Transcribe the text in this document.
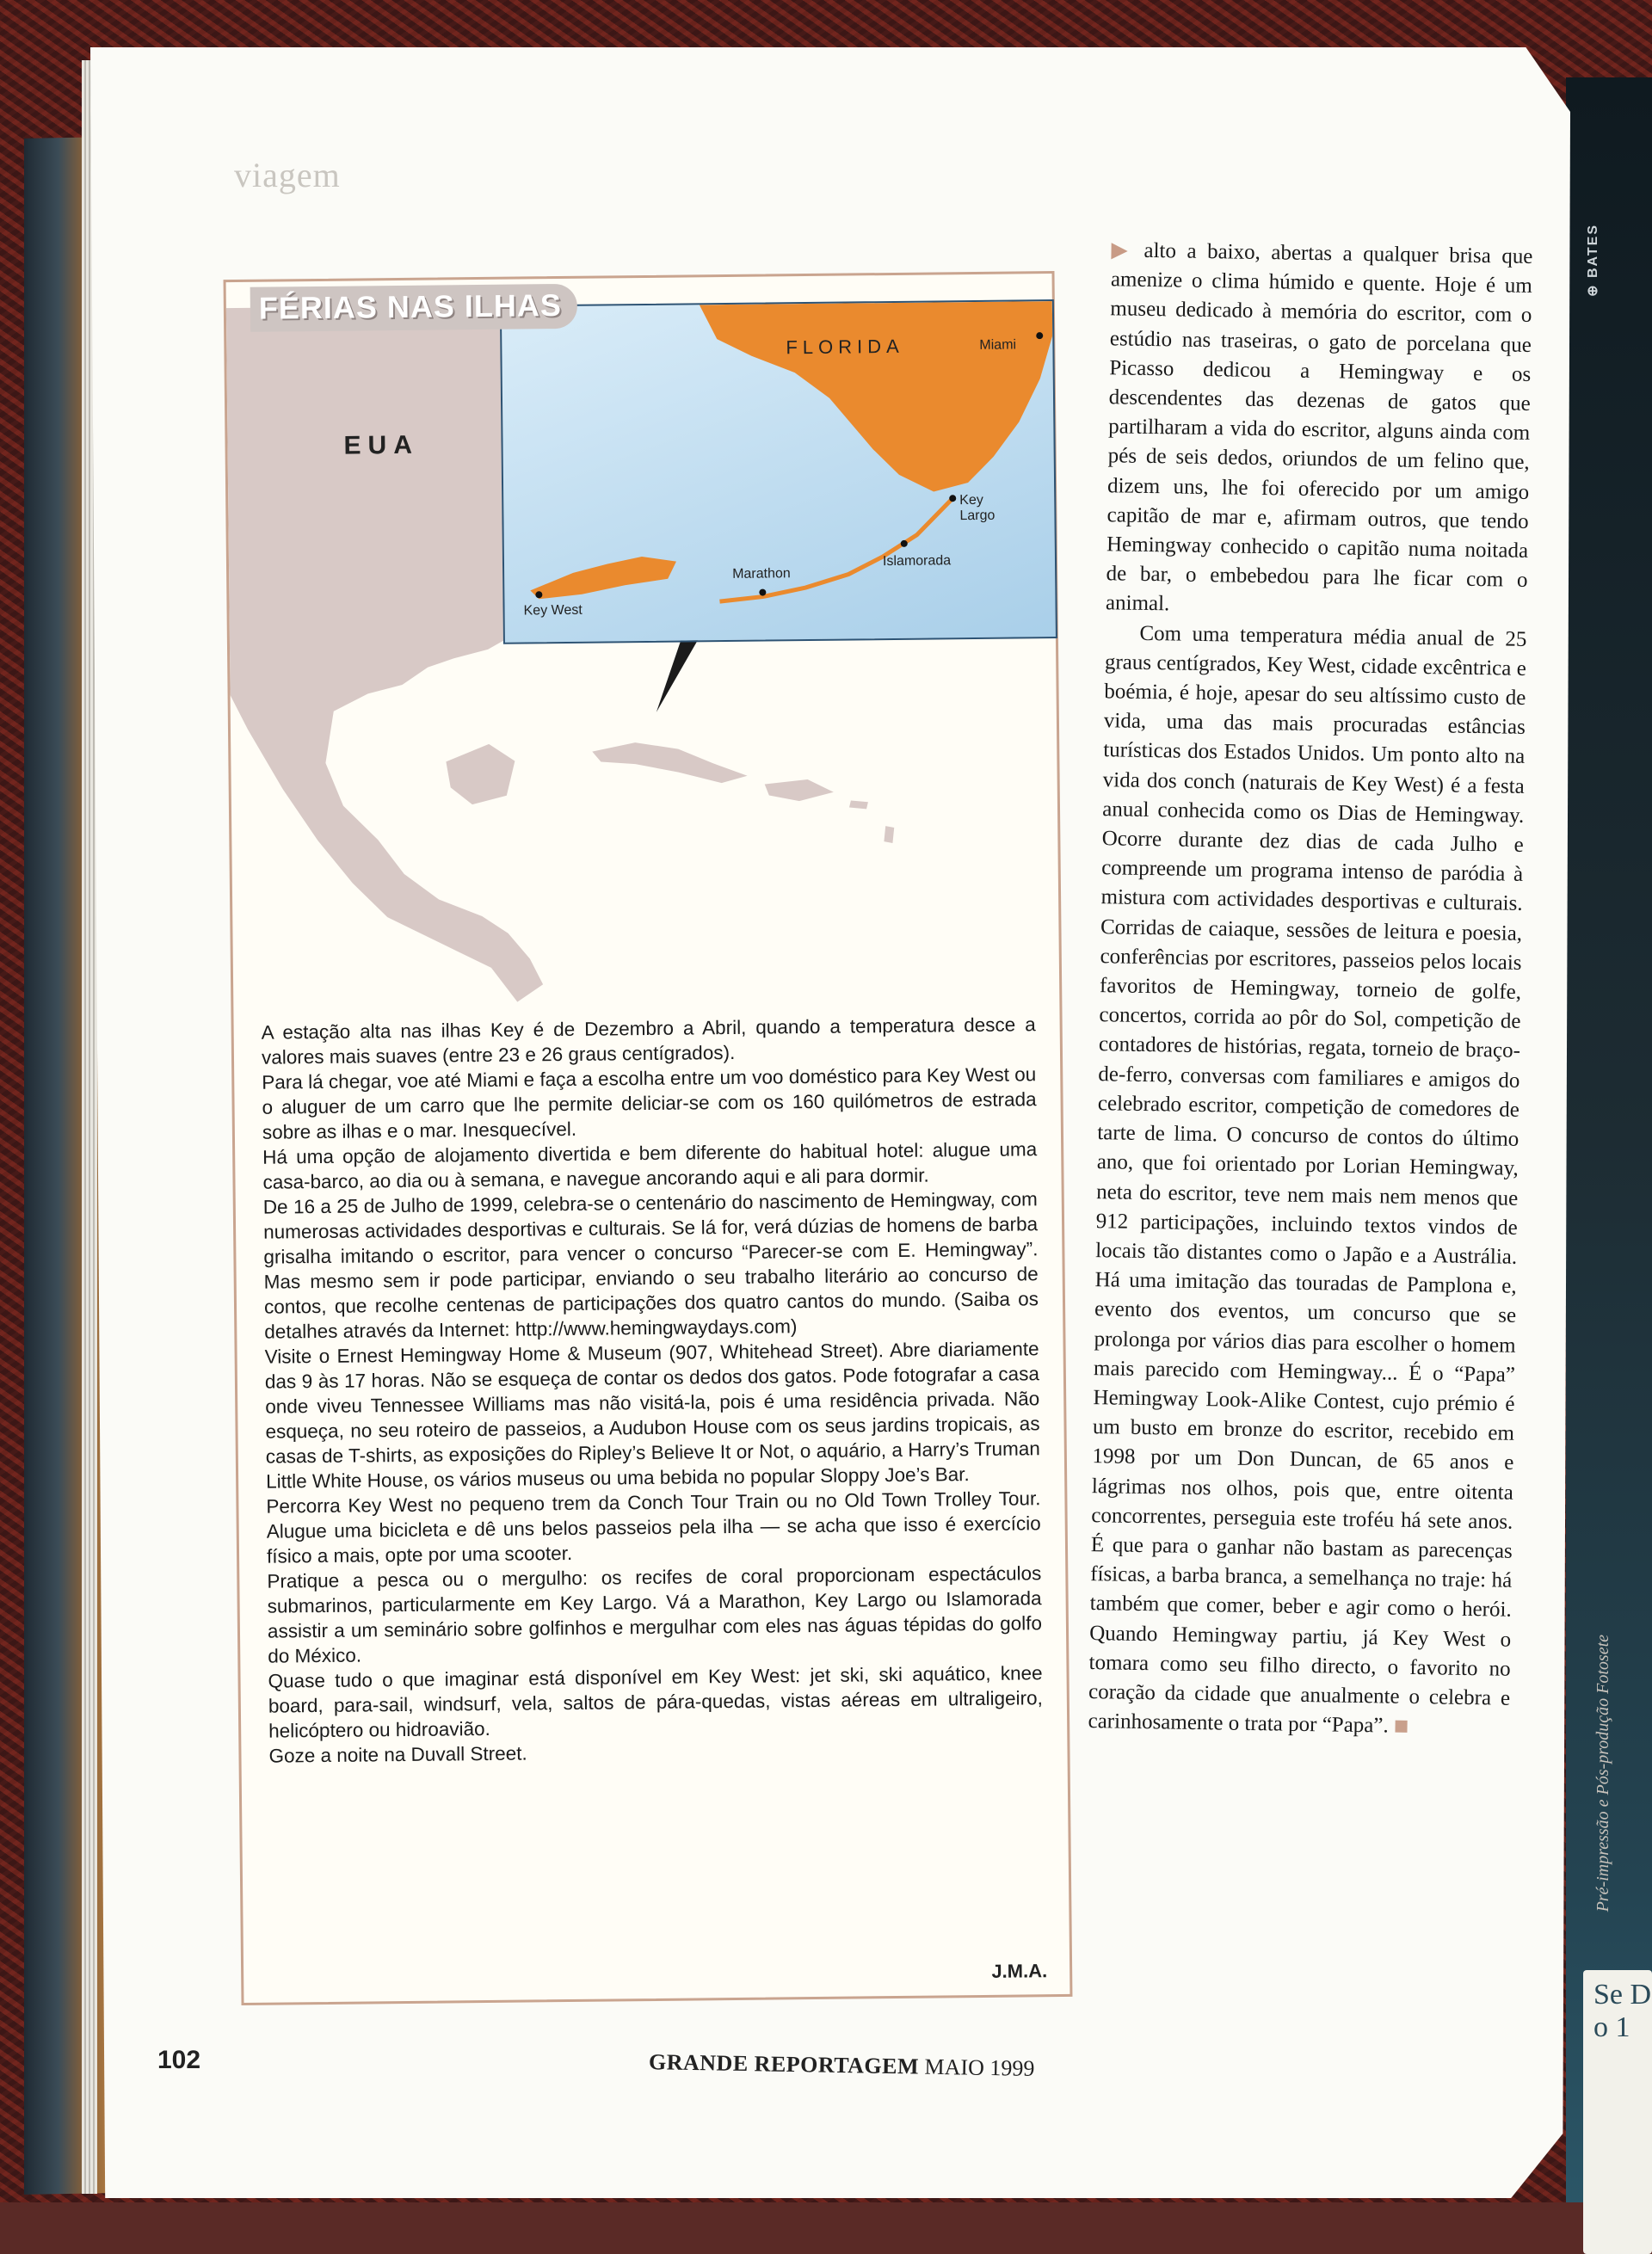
⊕ BATES
Se D o 1
viagem
FLORIDA	Miami
Key Largo
Islamorada
Marathon
Key West
FÉRIAS NAS ILHAS
EUA

A estação alta nas ilhas Key é de Dezembro a Abril, quando a temperatura desce a valores mais suaves (entre 23 e 26 graus centígrados).

Para lá chegar, voe até Miami e faça a escolha entre um voo doméstico para Key West ou o aluguer de um carro que lhe permite deliciar-se com os 160 quilómetros de estrada sobre as ilhas e o mar. Inesquecível.

Há uma opção de alojamento divertida e bem diferente do habitual hotel: alugue uma casa-barco, ao dia ou à semana, e navegue ancorando aqui e ali para dormir.

De 16 a 25 de Julho de 1999, celebra-se o centenário do nascimento de Hemingway, com numerosas actividades desportivas e culturais. Se lá for, verá dúzias de homens de barba grisalha imitando o escritor, para vencer o concurso “Parecer-se com E. Hemingway”. Mas mesmo sem ir pode participar, enviando o seu trabalho literário ao concurso de contos, que recolhe centenas de participações dos quatro cantos do mundo. (Saiba os detalhes através da Internet: http://www.hemingwaydays.com)

Visite o Ernest Hemingway Home & Museum (907, Whitehead Street). Abre diariamente das 9 às 17 horas. Não se esqueça de contar os dedos dos gatos. Pode fotografar a casa onde viveu Tennessee Williams mas não visitá-la, pois é uma residência privada. Não esqueça, no seu roteiro de passeios, a Audubon House com os seus jardins tropicais, as casas de T-shirts, as exposições do Ripley’s Believe It or Not, o aquário, a Harry’s Truman Little White House, os vários museus ou uma bebida no popular Sloppy Joe’s Bar.

Percorra Key West no pequeno trem da Conch Tour Train ou no Old Town Trolley Tour. Alugue uma bicicleta e dê uns belos passeios pela ilha — se acha que isso é exercício físico a mais, opte por uma scooter.

Pratique a pesca ou o mergulho: os recifes de coral proporcionam espectáculos submarinos, particularmente em Key Largo. Vá a Marathon, Key Largo ou Islamorada assistir a um seminário sobre golfinhos e mergulhar com eles nas águas tépidas do golfo do México.

Quase tudo o que imaginar está disponível em Key West: jet ski, ski aquático, knee board, para-sail, windsurf, vela, saltos de pára-quedas, vistas aéreas em ultraligeiro, helicóptero ou hidroavião.

Goze a noite na Duvall Street.

J.M.A.

▶ alto a baixo, abertas a qualquer brisa que amenize o clima húmido e quente. Hoje é um museu dedicado à memória do escritor, com o estúdio nas traseiras, o gato de porcelana que Picasso dedicou a Hemingway e os descendentes das dezenas de gatos que partilharam a vida do escritor, alguns ainda com pés de seis dedos, oriundos de um felino que, dizem uns, lhe foi oferecido por um amigo capitão de mar e, afirmam outros, que tendo Hemingway conhecido o capitão numa noitada de bar, o embebedou para lhe ficar com o animal.

Com uma temperatura média anual de 25 graus centígrados, Key West, cidade excêntrica e boémia, é hoje, apesar do seu altíssimo custo de vida, uma das mais procuradas estâncias turísticas dos Estados Unidos. Um ponto alto na vida dos conch (naturais de Key West) é a festa anual conhecida como os Dias de Hemingway. Ocorre durante dez dias de cada Julho e compreende um programa intenso de paródia à mistura com actividades desportivas e culturais. Corridas de caiaque, sessões de leitura e poesia, conferências por escritores, passeios pelos locais favoritos de Hemingway, torneio de golfe, concertos, corrida ao pôr do Sol, competição de contadores de histórias, regata, torneio de braço-de-ferro, conversas com familiares e amigos do celebrado escritor, competição de comedores de tarte de lima. O concurso de contos do último ano, que foi orientado por Lorian Hemingway, neta do escritor, teve nem mais nem menos que 912 participações, incluindo textos vindos de locais tão distantes como o Japão e a Austrália. Há uma imitação das touradas de Pamplona e, evento dos eventos, um concurso que se prolonga por vários dias para escolher o homem mais parecido com Hemingway... É o “Papa” Hemingway Look-Alike Contest, cujo prémio é um busto em bronze do escritor, recebido em 1998 por um Don Duncan, de 65 anos e lágrimas nos olhos, pois que, entre oitenta concorrentes, perseguia este troféu há sete anos. É que para o ganhar não bastam as parecenças físicas, a barba branca, a semelhança no traje: há também que comer, beber e agir como o herói. Quando Hemingway partiu, já Key West o tomara como seu filho directo, o favorito no coração da cidade que anualmente o celebra e carinhosamente o trata por “Papa”.

102	GRANDE REPORTAGEM MAIO 1999
Pré-impressão e Pós-produção Fotosete
